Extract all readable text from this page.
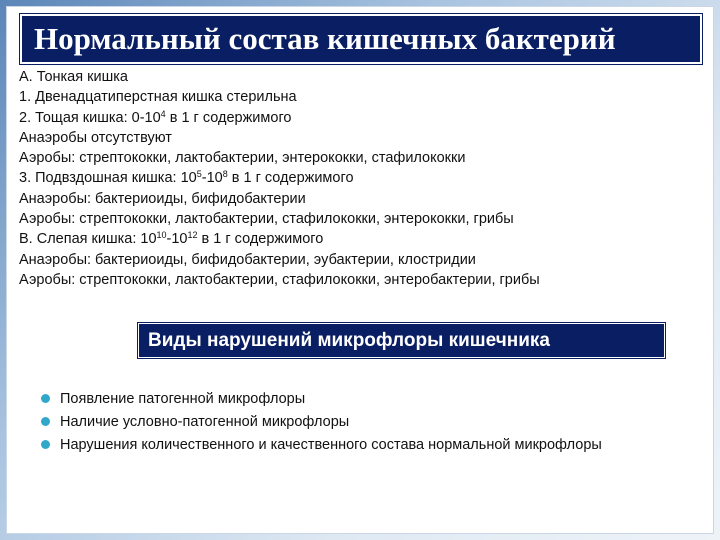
Нормальный состав кишечных бактерий
А. Тонкая кишка
1. Двенадцатиперстная кишка стерильна
2. Тощая кишка: $0-10^4$ в 1 г содержимого
Анаэробы отсутствуют
Аэробы: стрептококки, лактобактерии, энтерококки, стафилококки
3. Подвздошная кишка: $10^5-10^8$ в 1 г содержимого
Анаэробы: бактериоиды, бифидобактерии
Аэробы: стрептококки, лактобактерии, стафилококки, энтерококки, грибы
В. Слепая кишка: $10^{10}-10^{12}$ в 1 г содержимого
Анаэробы: бактериоиды, бифидобактерии, эубактерии, клостридии
Аэробы: стрептококки, лактобактерии, стафилококки, энтеробактерии, грибы
Виды нарушений микрофлоры кишечника
Появление патогенной микрофлоры
Наличие условно-патогенной микрофлоры
Нарушения количественного и качественного состава нормальной микрофлоры
